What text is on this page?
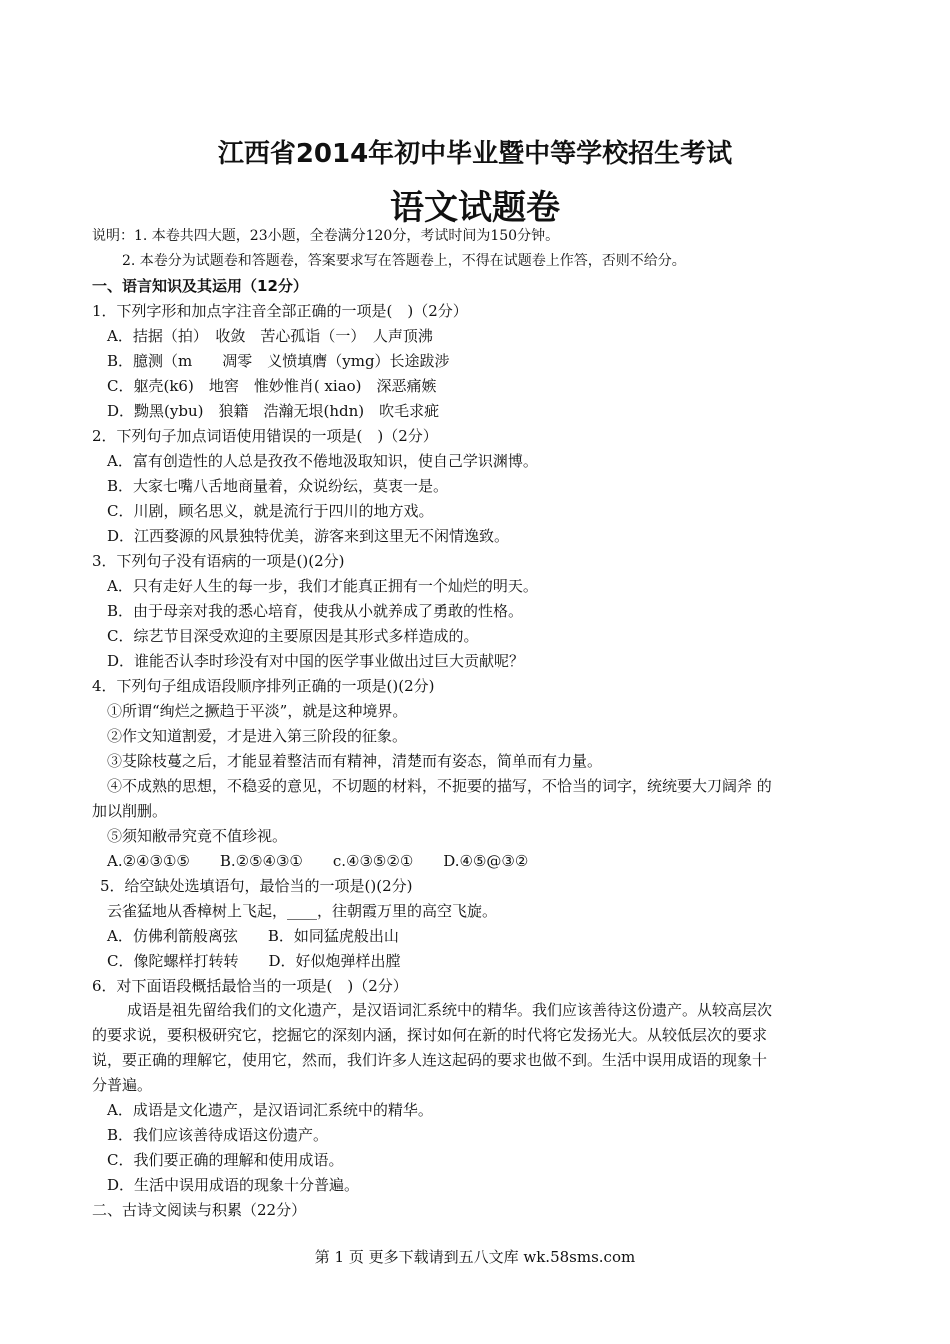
江西省2014年初中毕业暨中等学校招生考试
语文试题卷
说明：1. 本卷共四大题，23小题，全卷满分120分，考试时间为150分钟。
2. 本卷分为试题卷和答题卷，答案要求写在答题卷上，不得在试题卷上作答，否则不给分。
一、语言知识及其运用（12分）
1．下列字形和加点字注音全部正确的一项是(　)（2分）
A．拮据（拍）　收敛　苦心孤诣（一）　人声顶沸
B．臆测（m　　凋零　义愤填膺（ymg）长途跋涉
C．躯壳(k6)　地窖　惟妙惟肖( xiao)　深恶痛嫉
D．黝黑(ybu)　狼籍　浩瀚无垠(hdn)　吹毛求疵
2．下列句子加点词语使用错误的一项是(　)（2分）
A．富有创造性的人总是孜孜不倦地汲取知识，使自己学识渊博。
B．大家七嘴八舌地商量着，众说纷纭，莫衷一是。
C．川剧，顾名思义，就是流行于四川的地方戏。
D．江西婺源的风景独特优美，游客来到这里无不闲情逸致。
3．下列句子没有语病的一项是()(2分)
A．只有走好人生的每一步，我们才能真正拥有一个灿烂的明天。
B．由于母亲对我的悉心培育，使我从小就养成了勇敢的性格。
C．综艺节目深受欢迎的主要原因是其形式多样造成的。
D．谁能否认李时珍没有对中国的医学事业做出过巨大贡献呢？
4．下列句子组成语段顺序排列正确的一项是()(2分)
①所谓“绚烂之撅趋于平淡”，就是这种境界。
②作文知道割爱，才是进入第三阶段的征象。
③芟除枝蔓之后，才能显着整洁而有精神，清楚而有姿态，简单而有力量。
④不成熟的思想，不稳妥的意见，不切题的材料，不扼要的描写，不恰当的词字，统统要大刀阔斧 的
加以削删。
⑤须知敝帚究竟不值珍视。
A.②④③①⑤　　B.②⑤④③①　　c.④③⑤②①　　D.④⑤@③②
5．给空缺处选填语句，最恰当的一项是()(2分)
云雀猛地从香樟树上飞起，____，往朝霞万里的高空飞旋。
A．仿佛利箭般离弦　　B．如同猛虎般出山
C．像陀螺样打转转　　D．好似炮弹样出膛
6．对下面语段概括最恰当的一项是(　)（2分）
成语是祖先留给我们的文化遗产，是汉语词汇系统中的精华。我们应该善待这份遗产。从较高层次
的要求说，要积极研究它，挖掘它的深刻内涵，探讨如何在新的时代将它发扬光大。从较低层次的要求
说，要正确的理解它，使用它，然而，我们许多人连这起码的要求也做不到。生活中误用成语的现象十
分普遍。
A．成语是文化遗产，是汉语词汇系统中的精华。
B．我们应该善待成语这份遗产。
C．我们要正确的理解和使用成语。
D．生活中误用成语的现象十分普遍。
二、古诗文阅读与积累（22分）
第 1 页 更多下载请到五八文库 wk.58sms.com
